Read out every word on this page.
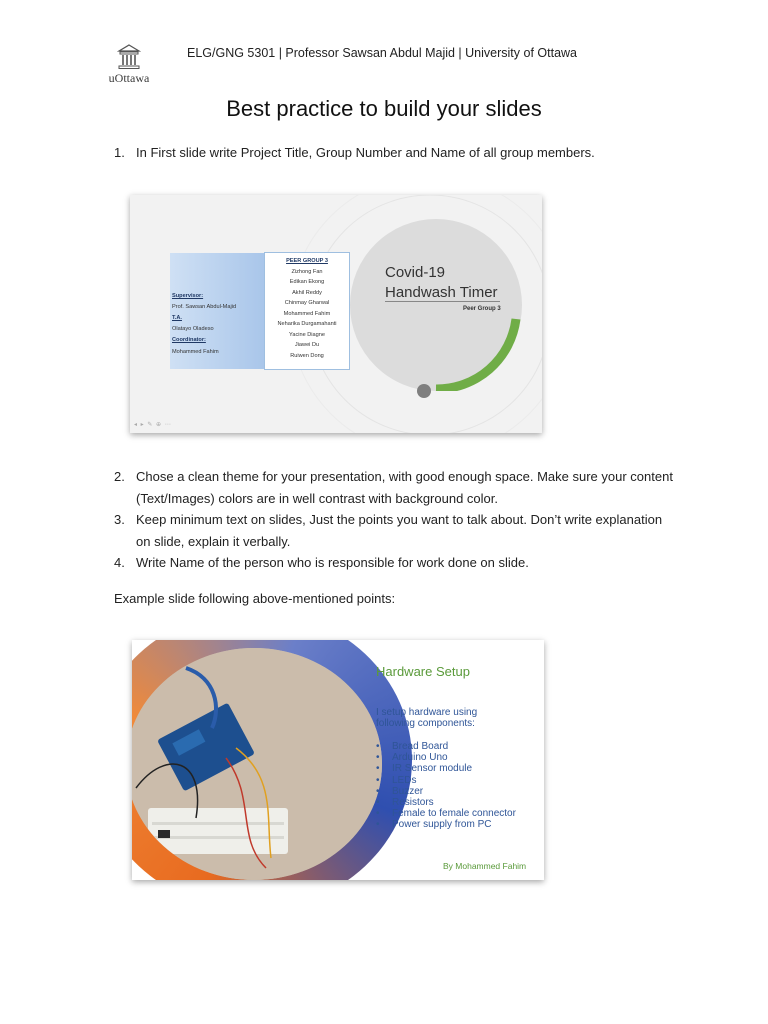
uOttawa
ELG/GNG 5301 | Professor Sawsan Abdul Majid | University of Ottawa
Best practice to build your slides
1. In First slide write Project Title, Group Number and Name of all group members.
Supervisor:
Prof. Sawsan Abdul-Majid
T.A.
Olatayo Oladeso
Coordinator:
Mohammed Fahim
PEER GROUP 3
Zizhong Fan
Edikan Ekong
Akhil Reddy
Chinmay Gharwal
Mohammed Fahim
Neharika Durgamahanti
Yacine Diagne
Jiawei Du
Ruiwen Dong
Covid-19
Handwash Timer
Peer Group 3
◂ ▸ ✎ ⊕ ⋯
2. Chose a clean theme for your presentation, with good enough space. Make sure your content (Text/Images) colors are in well contrast with background color.
3. Keep minimum text on slides, Just the points you want to talk about. Don’t write explanation on slide, explain it verbally.
4. Write Name of the person who is responsible for work done on slide.
Example slide following above-mentioned points:
Hardware Setup
I setup hardware using
following components:
• Bread Board
• Arduino Uno
• IR Sensor module
• LEDs
• Buzzer
• Resistors
• Female to female connector
• Power supply from PC
By Mohammed Fahim
